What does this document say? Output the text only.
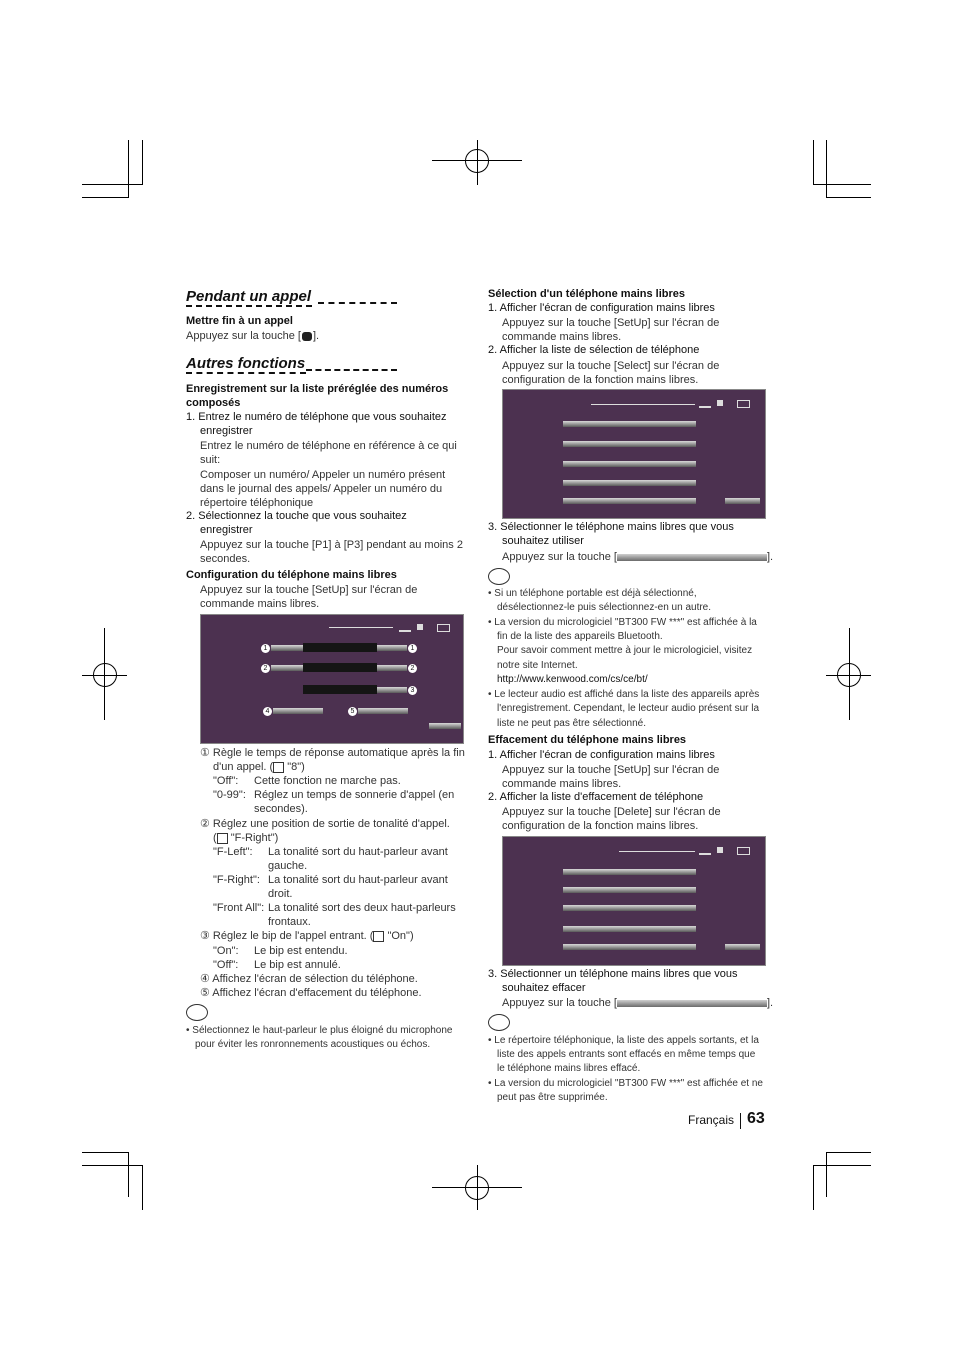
Pendant un appel
Mettre fin à un appel
Appuyez sur la touche [ ].
Autres fonctions
Enregistrement sur la liste préréglée des numéros
composés
1. Entrez le numéro de téléphone que vous souhaitez
enregistrer
Entrez le numéro de téléphone en référence à ce qui
suit:
Composer un numéro/ Appeler un numéro présent
dans le journal des appels/ Appeler un numéro du
répertoire téléphonique
2. Sélectionnez la touche que vous souhaitez
enregistrer
Appuyez sur la touche [P1] à [P3] pendant au moins 2
secondes.
Configuration du téléphone mains libres
Appuyez sur la touche [SetUp] sur l'écran de
commande mains libres.
1	1
2	2
3
4	5
① Règle le temps de réponse automatique après la fin
d'un appel. ( "8")
"Off": Cette fonction ne marche pas.
"0-99": Réglez un temps de sonnerie d'appel (en
secondes).
② Réglez une position de sortie de tonalité d'appel.
( "F-Right")
"F-Left": La tonalité sort du haut-parleur avant
gauche.
"F-Right": La tonalité sort du haut-parleur avant
droit.
"Front All": La tonalité sort des deux haut-parleurs
frontaux.
③ Réglez le bip de l'appel entrant. ( "On")
"On": Le bip est entendu.
"Off": Le bip est annulé.
④ Affichez l'écran de sélection du téléphone.
⑤ Affichez l'écran d'effacement du téléphone.
• Sélectionnez le haut-parleur le plus éloigné du microphone
pour éviter les ronronnements acoustiques ou échos.
Sélection d'un téléphone mains libres
1. Afficher l'écran de configuration mains libres
Appuyez sur la touche [SetUp] sur l'écran de
commande mains libres.
2. Afficher la liste de sélection de téléphone
Appuyez sur la touche [Select] sur l'écran de
configuration de la fonction mains libres.
3. Sélectionner le téléphone mains libres que vous
souhaitez utiliser
Appuyez sur la touche [	].
• Si un téléphone portable est déjà sélectionné,
désélectionnez-le puis sélectionnez-en un autre.
• La version du micrologiciel "BT300 FW ***" est affichée à la
fin de la liste des appareils Bluetooth.
Pour savoir comment mettre à jour le micrologiciel, visitez
notre site Internet.
http://www.kenwood.com/cs/ce/bt/
• Le lecteur audio est affiché dans la liste des appareils après
l'enregistrement. Cependant, le lecteur audio présent sur la
liste ne peut pas être sélectionné.
Effacement du téléphone mains libres
1. Afficher l'écran de configuration mains libres
Appuyez sur la touche [SetUp] sur l'écran de
commande mains libres.
2. Afficher la liste d'effacement de téléphone
Appuyez sur la touche [Delete] sur l'écran de
configuration de la fonction mains libres.
3. Sélectionner un téléphone mains libres que vous
souhaitez effacer
Appuyez sur la touche [	].
• Le répertoire téléphonique, la liste des appels sortants, et la
liste des appels entrants sont effacés en même temps que
le téléphone mains libres effacé.
• La version du micrologiciel "BT300 FW ***" est affichée et ne
peut pas être supprimée.
Français 63
